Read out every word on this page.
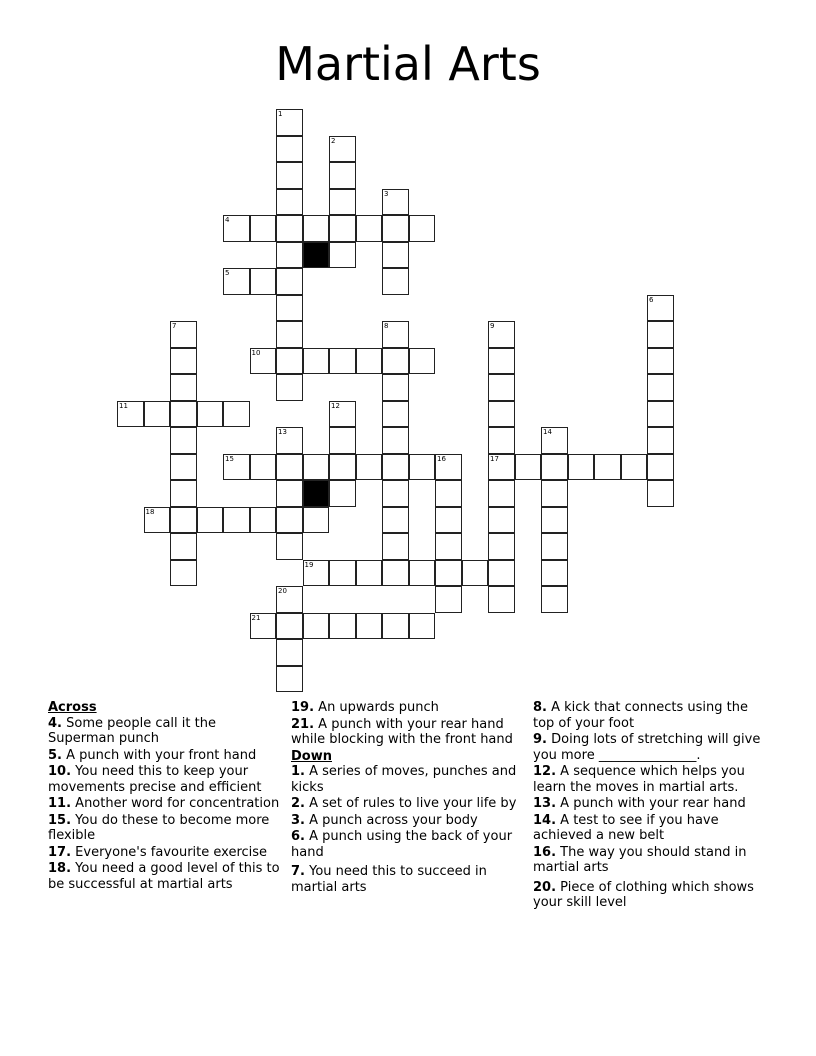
Martial Arts
1
2
3
4
5
6
7	8	9
17
10
11	12
13	14
15	16
18
19
20
21
Across
4. Some people call it the Superman punch
5. A punch with your front hand
10. You need this to keep your movements precise and efficient
11. Another word for concentration
15. You do these to become more flexible
17. Everyone's favourite exercise
18. You need a good level of this to be successful at martial arts
19. An upwards punch
21. A punch with your rear hand while blocking with the front hand
Down
1. A series of moves, punches and kicks
2. A set of rules to live your life by
3. A punch across your body
6. A punch using the back of your hand
7. You need this to succeed in martial arts
8. A kick that connects using the top of your foot
9. Doing lots of stretching will give you more _______________.
12. A sequence which helps you learn the moves in martial arts.
13. A punch with your rear hand
14. A test to see if you have achieved a new belt
16. The way you should stand in martial arts
20. Piece of clothing which shows your skill level
